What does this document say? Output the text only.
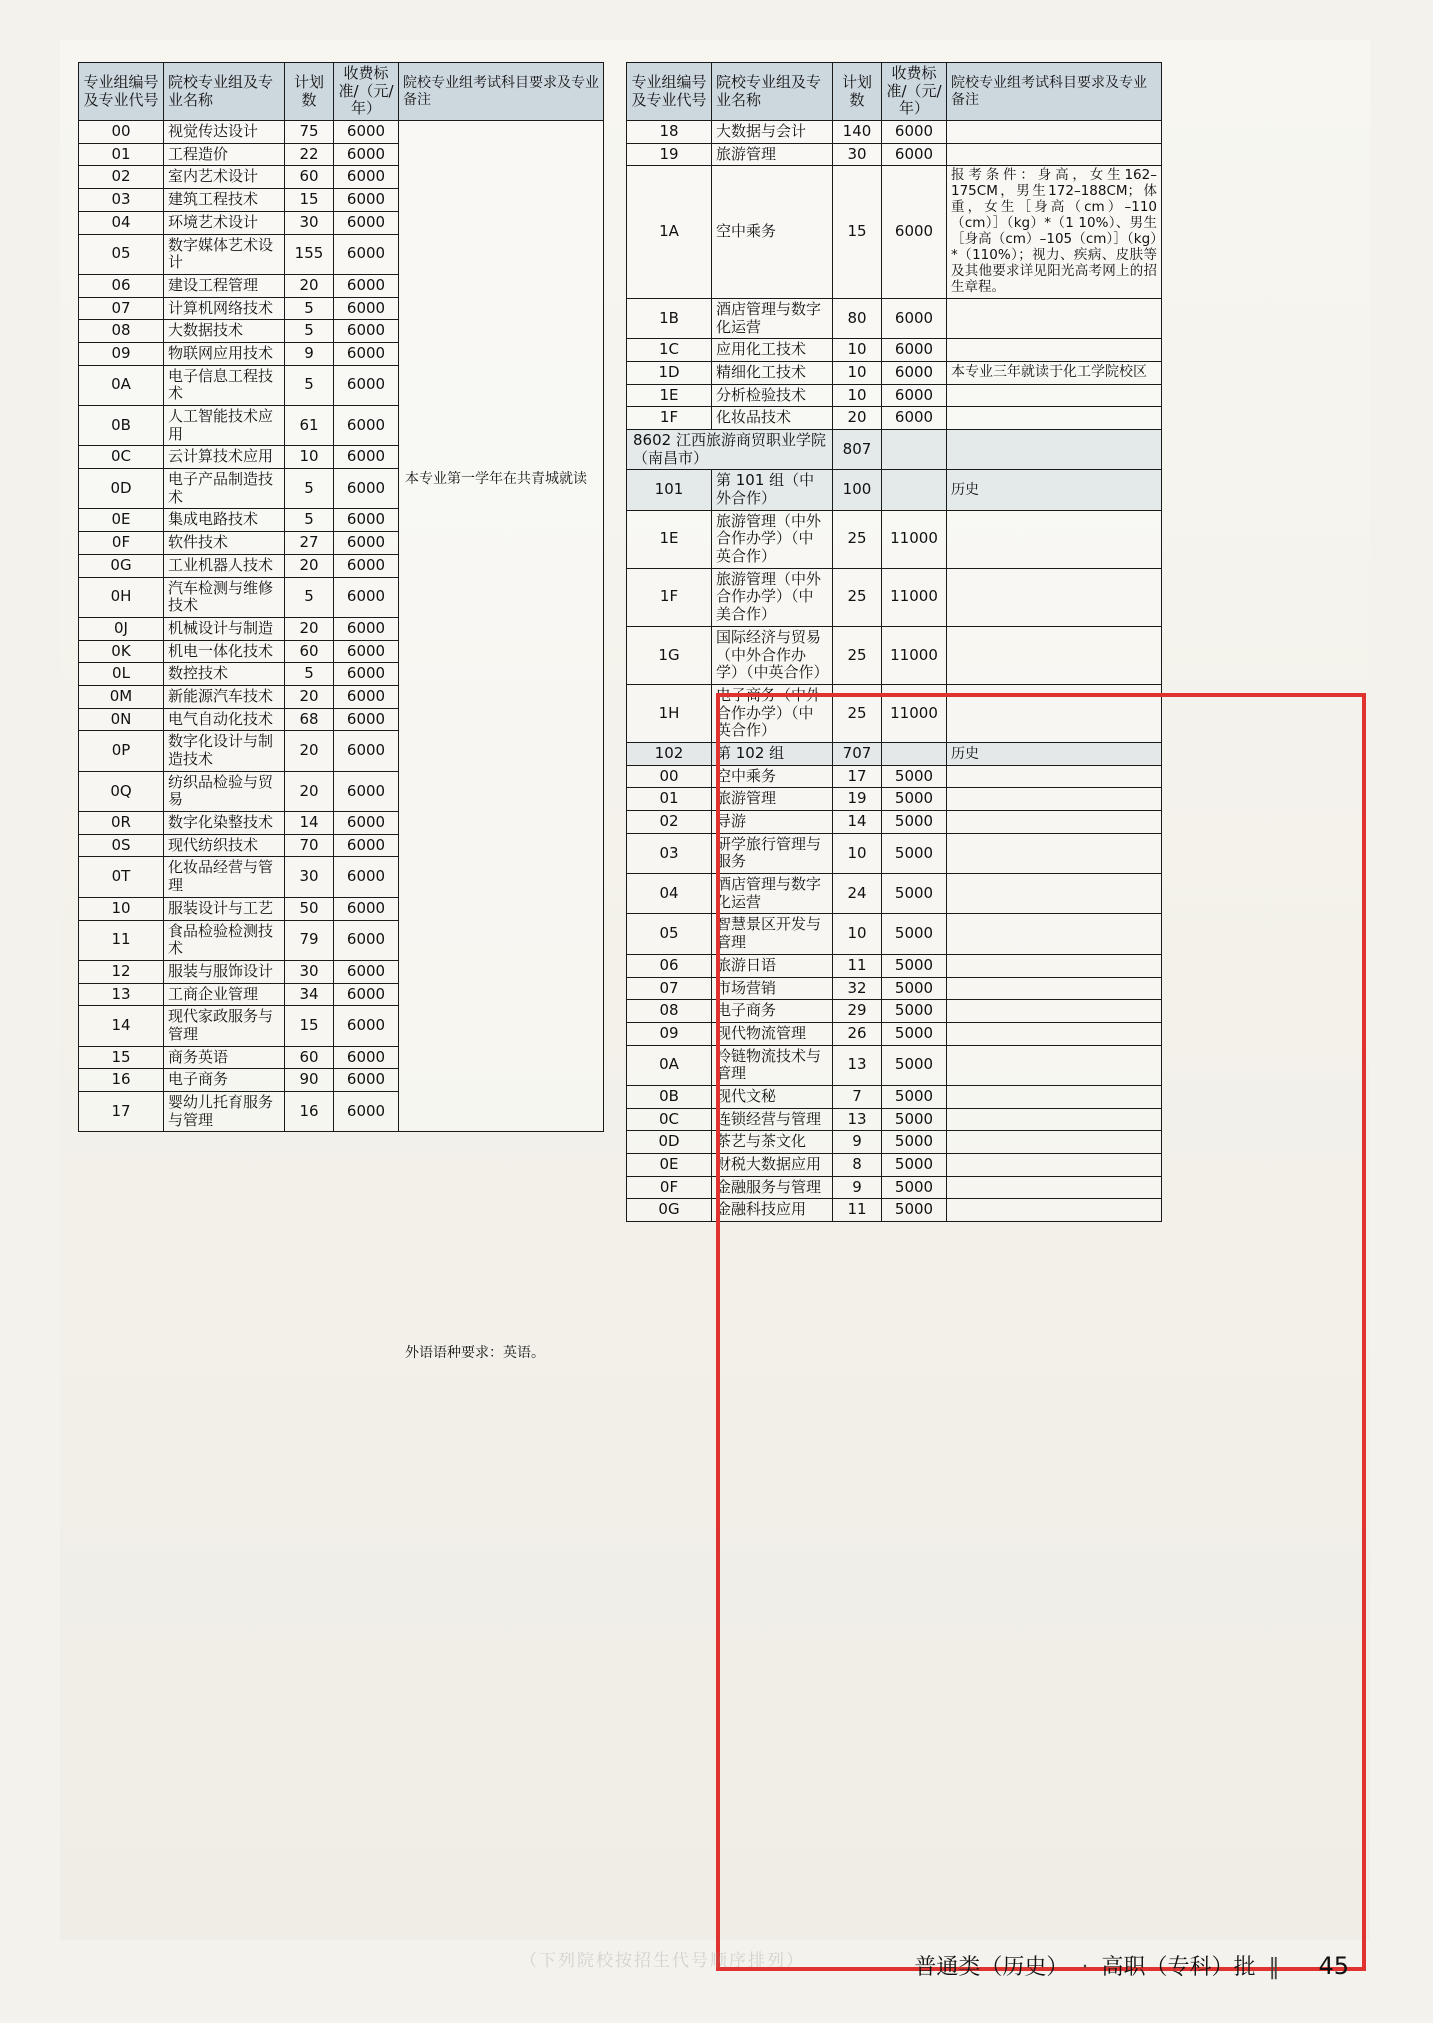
专业组编号及专业代号	院校专业组及专业名称	计划数	收费标准/（元/年）	院校专业组考试科目要求及专业备注
00	视觉传达设计	75	6000	本专业第一学年在共青城就读
外语语种要求：英语。

01	工程造价	22	6000	
02	室内艺术设计	60	6000	
03	建筑工程技术	15	6000	
04	环境艺术设计	30	6000	
05	数字媒体艺术设计	155	6000	
06	建设工程管理	20	6000	
07	计算机网络技术	5	6000	
08	大数据技术	5	6000	
09	物联网应用技术	9	6000	
0A	电子信息工程技术	5	6000	
0B	人工智能技术应用	61	6000	
0C	云计算技术应用	10	6000	
0D	电子产品制造技术	5	6000	
0E	集成电路技术	5	6000	
0F	软件技术	27	6000	
0G	工业机器人技术	20	6000	
0H	汽车检测与维修技术	5	6000	
0J	机械设计与制造	20	6000	
0K	机电一体化技术	60	6000	
0L	数控技术	5	6000	
0M	新能源汽车技术	20	6000	
0N	电气自动化技术	68	6000	
0P	数字化设计与制造技术	20	6000	
0Q	纺织品检验与贸易	20	6000	
0R	数字化染整技术	14	6000	
0S	现代纺织技术	70	6000	
0T	化妆品经营与管理	30	6000	
10	服装设计与工艺	50	6000	
11	食品检验检测技术	79	6000	
12	服装与服饰设计	30	6000	
13	工商企业管理	34	6000	
14	现代家政服务与管理	15	6000	
15	商务英语	60	6000	
16	电子商务	90	6000	
17	婴幼儿托育服务与管理	16	6000	
专业组编号及专业代号	院校专业组及专业名称	计划数	收费标准/（元/年）	院校专业组考试科目要求及专业备注
18	大数据与会计	140	6000	
19	旅游管理	30	6000	
1A	空中乘务	15	6000	报考条件：身高，女生162–175CM，男生172–188CM；体重，女生［身高（cm）–110（cm）］（kg）*（1 10%）、男生［身高（cm）–105（cm）］（kg）*（110%）；视力、疾病、皮肤等及其他要求详见阳光高考网上的招生章程。
1B	酒店管理与数字化运营	80	6000	
1C	应用化工技术	10	6000	
1D	精细化工技术	10	6000	本专业三年就读于化工学院校区
1E	分析检验技术	10	6000	
1F	化妆品技术	20	6000	
8602 江西旅游商贸职业学院（南昌市）		807		
101	第 101 组（中外合作）	100		历史
1E	旅游管理（中外合作办学）（中英合作）	25	11000	
1F	旅游管理（中外合作办学）（中美合作）	25	11000	
1G	国际经济与贸易（中外合作办学）（中英合作）	25	11000	
1H	电子商务（中外合作办学）（中英合作）	25	11000	
102	第 102 组	707		历史
00	空中乘务	17	5000	
01	旅游管理	19	5000	
02	导游	14	5000	
03	研学旅行管理与服务	10	5000	
04	酒店管理与数字化运营	24	5000	
05	智慧景区开发与管理	10	5000	
06	旅游日语	11	5000	
07	市场营销	32	5000	
08	电子商务	29	5000	
09	现代物流管理	26	5000	
0A	冷链物流技术与管理	13	5000	
0B	现代文秘	7	5000	
0C	连锁经营与管理	13	5000	
0D	茶艺与茶文化	9	5000	
0E	财税大数据应用	8	5000	
0F	金融服务与管理	9	5000	
0G	金融科技应用	11	5000	
（下列院校按招生代号顺序排列）	普通类（历史） · 高职（专科）批 ‖ 45
